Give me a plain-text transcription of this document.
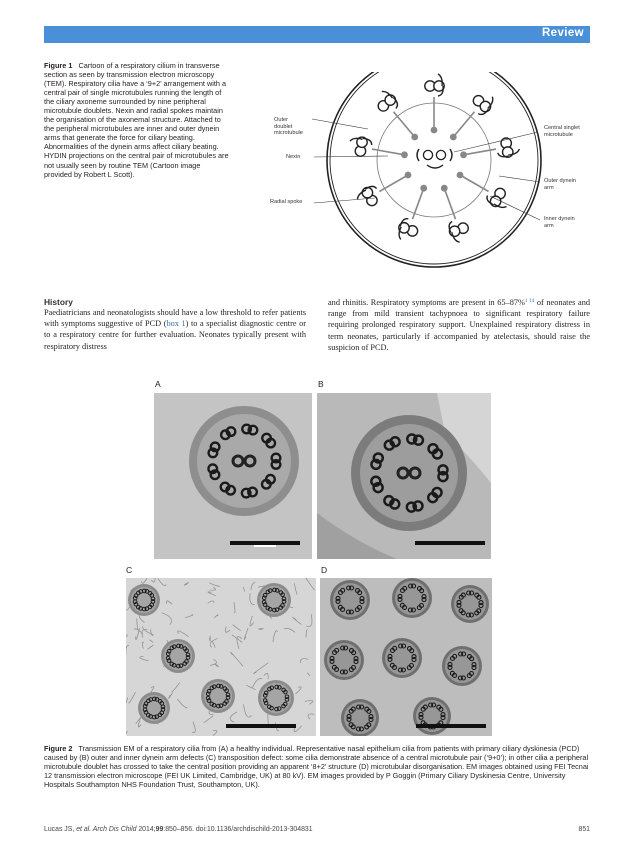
Review
Figure 1 Cartoon of a respiratory cilium in transverse section as seen by transmission electron microscopy (TEM). Respiratory cilia have a ‘9+2’ arrangement with a central pair of single microtubules running the length of the ciliary axoneme surrounded by nine peripheral microtubule doublets. Nexin and radial spokes maintain the organisation of the axonemal structure. Attached to the peripheral microtubules are inner and outer dynein arms that generate the force for ciliary beating. Abnormalities of the dynein arms affect ciliary beating. HYDIN projections on the central pair of microtubules are not usually seen by routine TEM (Cartoon image provided by Robert L Scott).
Outer
doublet
microtubule
Nexin
Radial spoke
Central singlet
microtubule
Outer dynein
arm
Inner dynein
arm
History
Paediatricians and neonatologists should have a low threshold to refer patients with symptoms suggestive of PCD (box 1) to a specialist diagnostic centre or to a respiratory centre for further evaluation. Neonates typically present with respiratory distress
and rhinitis. Respiratory symptoms are present in 65–87%$^{1 14}$ of neonates and range from mild transient tachypnoea to significant respiratory failure requiring prolonged respiratory support. Unexplained respiratory distress in term neonates, particularly if accompanied by atelectasis, should raise the suspicion of PCD.
A	B
C	D
Figure 2 Transmission EM of a respiratory cilia from (A) a healthy individual. Representative nasal epithelium cilia from patients with primary ciliary dyskinesia (PCD) caused by (B) outer and inner dynein arm defects (C) transposition defect: some cilia demonstrate absence of a central microtubule pair (‘9+0’); in other cilia a peripheral microtubule doublet has crossed to take the central position providing an apparent ‘8+2’ structure (D) microtubular disorganisation. EM images obtained using FEI Tecnai 12 transmission electron microscope (FEI UK Limited, Cambridge, UK) at 80 kV). EM images provided by P Goggin (Primary Ciliary Dyskinesia Centre, University Hospitals Southampton NHS Foundation Trust, Southampton, UK).
Lucas JS, et al. Arch Dis Child 2014;99:850–856. doi:10.1136/archdischild-2013-304831	851
